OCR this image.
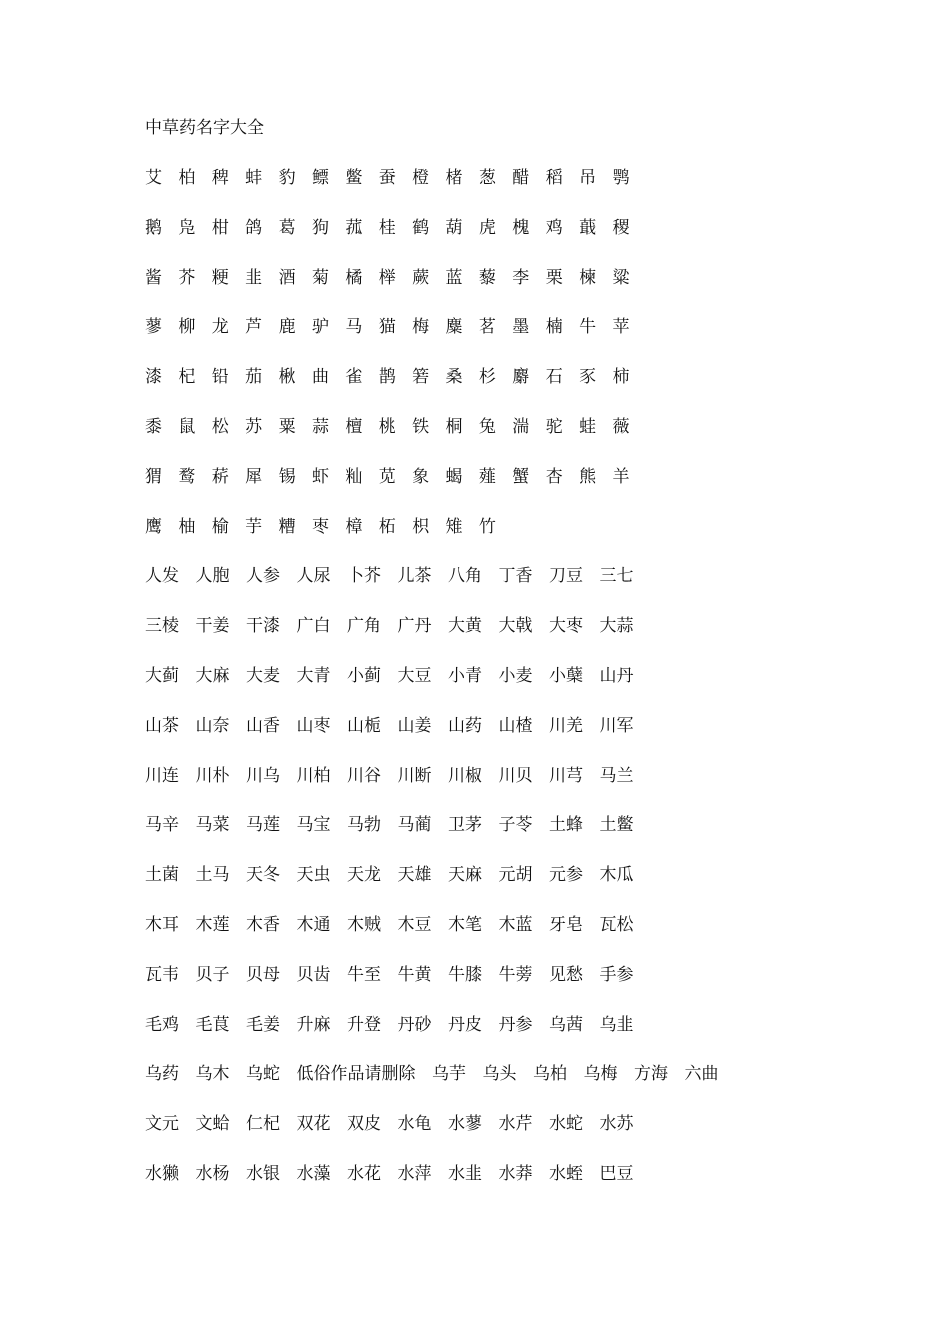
中草药名字大全
艾 柏 稗 蚌 豹 鳔 鳖 蚕 橙 楮 葱 醋 稻 吊 鹗
鹅 凫 柑 鸽 葛 狗 菰 桂 鹤 葫 虎 槐 鸡 蕺 稷
酱 芥 粳 韭 酒 菊 橘 榉 蕨 蓝 藜 李 栗 楝 粱
蓼 柳 龙 芦 鹿 驴 马 猫 梅 麋 茗 墨 楠 牛 苹
漆 杞 铅 茄 楸 曲 雀 鹊 箬 桑 杉 麝 石 豕 柿
黍 鼠 松 苏 粟 蒜 檀 桃 铁 桐 兔 湍 驼 蛙 薇
猬 鹜 菥 犀 锡 虾 籼 苋 象 蝎 薤 蟹 杏 熊 羊
鹰 柚 榆 芋 糟 枣 樟 柘 枳 雉 竹
人发 人胞 人参 人尿 卜芥 儿茶 八角 丁香 刀豆 三七
三棱 干姜 干漆 广白 广角 广丹 大黄 大戟 大枣 大蒜
大蓟 大麻 大麦 大青 小蓟 大豆 小青 小麦 小蘖 山丹
山茶 山奈 山香 山枣 山栀 山姜 山药 山楂 川羌 川军
川连 川朴 川乌 川柏 川谷 川断 川椒 川贝 川芎 马兰
马辛 马菜 马莲 马宝 马勃 马蔺 卫茅 子苓 土蜂 土鳖
土菌 土马 天冬 天虫 天龙 天雄 天麻 元胡 元参 木瓜
木耳 木莲 木香 木通 木贼 木豆 木笔 木蓝 牙皂 瓦松
瓦韦 贝子 贝母 贝齿 牛至 牛黄 牛膝 牛蒡 见愁 手参
毛鸡 毛茛 毛姜 升麻 升登 丹砂 丹皮 丹参 乌茜 乌韭
乌药 乌木 乌蛇 低俗作品请删除 乌芋 乌头 乌柏 乌梅 方海 六曲
文元 文蛤 仁杞 双花 双皮 水龟 水蓼 水芹 水蛇 水苏
水獭 水杨 水银 水藻 水花 水萍 水韭 水莽 水蛭 巴豆
